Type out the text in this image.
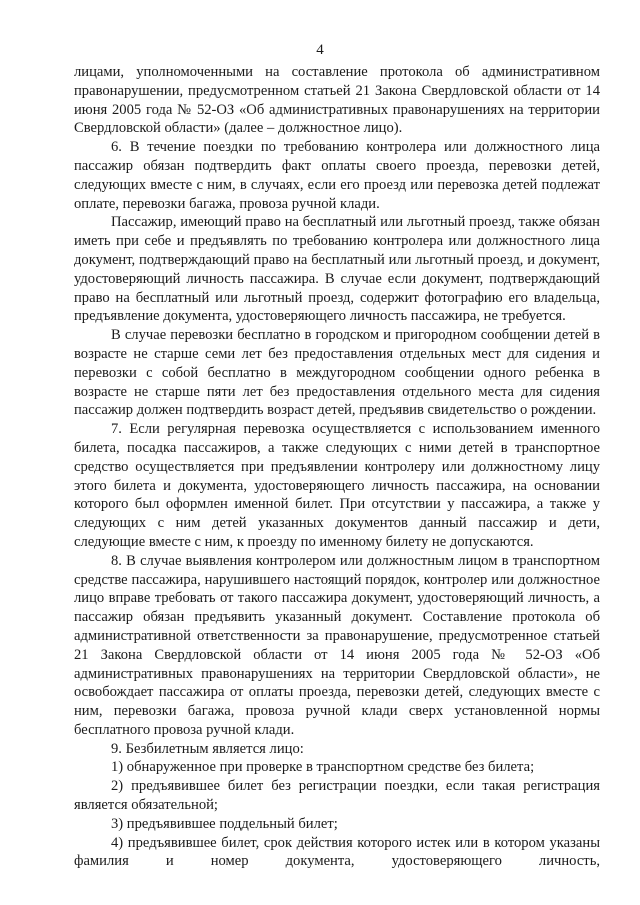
4

лицами, уполномоченными на составление протокола об административном правонарушении, предусмотренном статьей 21 Закона Свердловской области от 14 июня 2005 года № 52-ОЗ «Об административных правонарушениях на территории Свердловской области» (далее – должностное лицо).

6. В течение поездки по требованию контролера или должностного лица пассажир обязан подтвердить факт оплаты своего проезда, перевозки детей, следующих вместе с ним, в случаях, если его проезд или перевозка детей подлежат оплате, перевозки багажа, провоза ручной клади.

Пассажир, имеющий право на бесплатный или льготный проезд, также обязан иметь при себе и предъявлять по требованию контролера или должностного лица документ, подтверждающий право на бесплатный или льготный проезд, и документ, удостоверяющий личность пассажира. В случае если документ, подтверждающий право на бесплатный или льготный проезд, содержит фотографию его владельца, предъявление документа, удостоверяющего личность пассажира, не требуется.

В случае перевозки бесплатно в городском и пригородном сообщении детей в возрасте не старше семи лет без предоставления отдельных мест для сидения и перевозки с собой бесплатно в междугородном сообщении одного ребенка в возрасте не старше пяти лет без предоставления отдельного места для сидения пассажир должен подтвердить возраст детей, предъявив свидетельство о рождении.

7. Если регулярная перевозка осуществляется с использованием именного билета, посадка пассажиров, а также следующих с ними детей в транспортное средство осуществляется при предъявлении контролеру или должностному лицу этого билета и документа, удостоверяющего личность пассажира, на основании которого был оформлен именной билет. При отсутствии у пассажира, а также у следующих с ним детей указанных документов данный пассажир и дети, следующие вместе с ним, к проезду по именному билету не допускаются.

8. В случае выявления контролером или должностным лицом в транспортном средстве пассажира, нарушившего настоящий порядок, контролер или должностное лицо вправе требовать от такого пассажира документ, удостоверяющий личность, а пассажир обязан предъявить указанный документ. Составление протокола об административной ответственности за правонарушение, предусмотренное статьей 21 Закона Свердловской области от 14 июня 2005 года № 52-ОЗ «Об административных правонарушениях на территории Свердловской области», не освобождает пассажира от оплаты проезда, перевозки детей, следующих вместе с ним, перевозки багажа, провоза ручной клади сверх установленной нормы бесплатного провоза ручной клади.

9. Безбилетным является лицо:

1) обнаруженное при проверке в транспортном средстве без билета;

2) предъявившее билет без регистрации поездки, если такая регистрация является обязательной;

3) предъявившее поддельный билет;

4) предъявившее билет, срок действия которого истек или в котором указаны фамилия и номер документа, удостоверяющего личность,
